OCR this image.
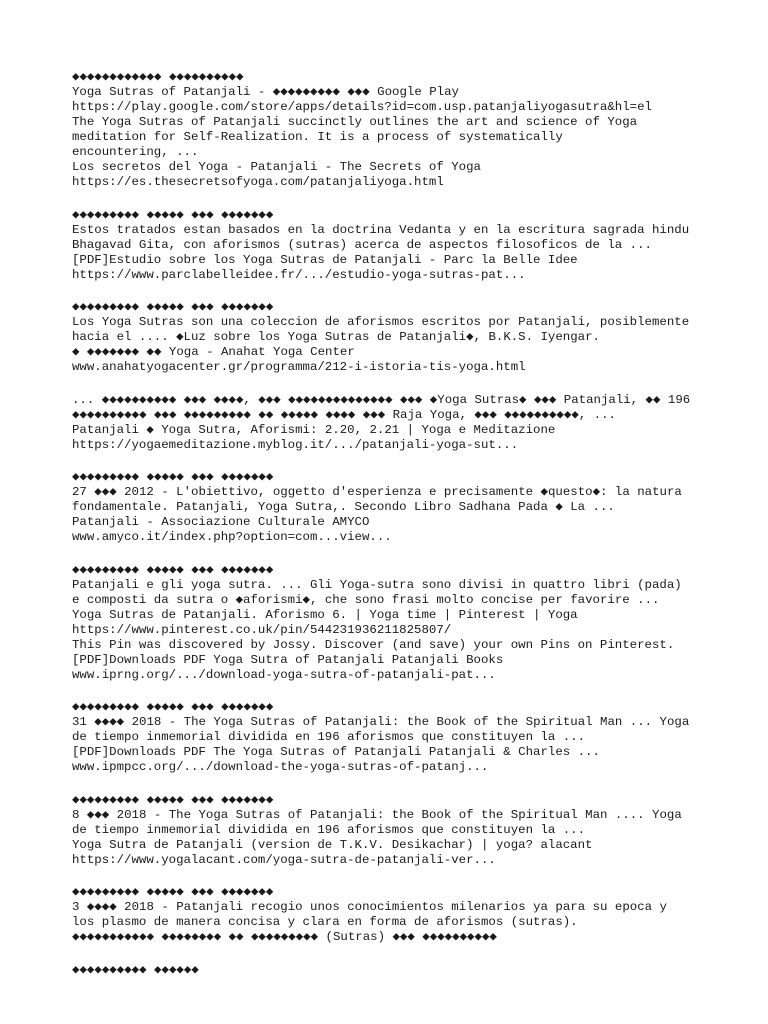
◆◆◆◆◆◆◆◆◆◆◆◆ ◆◆◆◆◆◆◆◆◆◆
Yoga Sutras of Patanjali - ◆◆◆◆◆◆◆◆◆ ◆◆◆ Google Play
https://play.google.com/store/apps/details?id=com.usp.patanjaliyogasutra&hl=el
The Yoga Sutras of Patanjali succinctly outlines the art and science of Yoga
meditation for Self-Realization. It is a process of systematically
encountering, ...
Los secretos del Yoga - Patanjali - The Secrets of Yoga
https://es.thesecretsofyoga.com/patanjaliyoga.html
◆◆◆◆◆◆◆◆◆ ◆◆◆◆◆ ◆◆◆ ◆◆◆◆◆◆◆
Estos tratados estan basados en la doctrina Vedanta y en la escritura sagrada hindu
Bhagavad Gita, con aforismos (sutras) acerca de aspectos filosoficos de la ...
[PDF]Estudio sobre los Yoga Sutras de Patanjali - Parc la Belle Idee
https://www.parclabelleidee.fr/.../estudio-yoga-sutras-pat...
◆◆◆◆◆◆◆◆◆ ◆◆◆◆◆ ◆◆◆ ◆◆◆◆◆◆◆
Los Yoga Sutras son una coleccion de aforismos escritos por Patanjali, posiblemente
hacia el .... ◆Luz sobre los Yoga Sutras de Patanjali◆, B.K.S. Iyengar.
◆ ◆◆◆◆◆◆◆ ◆◆ Yoga - Anahat Yoga Center
www.anahatyogacenter.gr/programma/212-i-istoria-tis-yoga.html
... ◆◆◆◆◆◆◆◆◆◆ ◆◆◆ ◆◆◆◆, ◆◆◆ ◆◆◆◆◆◆◆◆◆◆◆◆◆◆ ◆◆◆ ◆Yoga Sutras◆ ◆◆◆ Patanjali, ◆◆ 196
◆◆◆◆◆◆◆◆◆◆ ◆◆◆ ◆◆◆◆◆◆◆◆◆ ◆◆ ◆◆◆◆◆ ◆◆◆◆ ◆◆◆ Raja Yoga, ◆◆◆ ◆◆◆◆◆◆◆◆◆◆, ...
Patanjali ◆ Yoga Sutra, Aforismi: 2.20, 2.21 | Yoga e Meditazione
https://yogaemeditazione.myblog.it/.../patanjali-yoga-sut...
◆◆◆◆◆◆◆◆◆ ◆◆◆◆◆ ◆◆◆ ◆◆◆◆◆◆◆
27 ◆◆◆ 2012 - L'obiettivo, oggetto d'esperienza e precisamente ◆questo◆: la natura
fondamentale. Patanjali, Yoga Sutra,. Secondo Libro Sadhana Pada ◆ La ...
Patanjali - Associazione Culturale AMYCO
www.amyco.it/index.php?option=com...view...
◆◆◆◆◆◆◆◆◆ ◆◆◆◆◆ ◆◆◆ ◆◆◆◆◆◆◆
Patanjali e gli yoga sutra. ... Gli Yoga-sutra sono divisi in quattro libri (pada)
e composti da sutra o ◆aforismi◆, che sono frasi molto concise per favorire ...
Yoga Sutras de Patanjali. Aforismo 6. | Yoga time | Pinterest | Yoga
https://www.pinterest.co.uk/pin/544231936211825807/
This Pin was discovered by Jossy. Discover (and save) your own Pins on Pinterest.
[PDF]Downloads PDF Yoga Sutra of Patanjali Patanjali Books
www.iprng.org/.../download-yoga-sutra-of-patanjali-pat...
◆◆◆◆◆◆◆◆◆ ◆◆◆◆◆ ◆◆◆ ◆◆◆◆◆◆◆
31 ◆◆◆◆ 2018 - The Yoga Sutras of Patanjali: the Book of the Spiritual Man ... Yoga
de tiempo inmemorial dividida en 196 aforismos que constituyen la ...
[PDF]Downloads PDF The Yoga Sutras of Patanjali Patanjali & Charles ...
www.ipmpcc.org/.../download-the-yoga-sutras-of-patanj...
◆◆◆◆◆◆◆◆◆ ◆◆◆◆◆ ◆◆◆ ◆◆◆◆◆◆◆
8 ◆◆◆ 2018 - The Yoga Sutras of Patanjali: the Book of the Spiritual Man .... Yoga
de tiempo inmemorial dividida en 196 aforismos que constituyen la ...
Yoga Sutra de Patanjali (version de T.K.V. Desikachar) | yoga? alacant
https://www.yogalacant.com/yoga-sutra-de-patanjali-ver...
◆◆◆◆◆◆◆◆◆ ◆◆◆◆◆ ◆◆◆ ◆◆◆◆◆◆◆
3 ◆◆◆◆ 2018 - Patanjali recogio unos conocimientos milenarios ya para su epoca y
los plasmo de manera concisa y clara en forma de aforismos (sutras).
◆◆◆◆◆◆◆◆◆◆◆ ◆◆◆◆◆◆◆◆ ◆◆ ◆◆◆◆◆◆◆◆◆ (Sutras) ◆◆◆ ◆◆◆◆◆◆◆◆◆◆
◆◆◆◆◆◆◆◆◆◆ ◆◆◆◆◆◆
